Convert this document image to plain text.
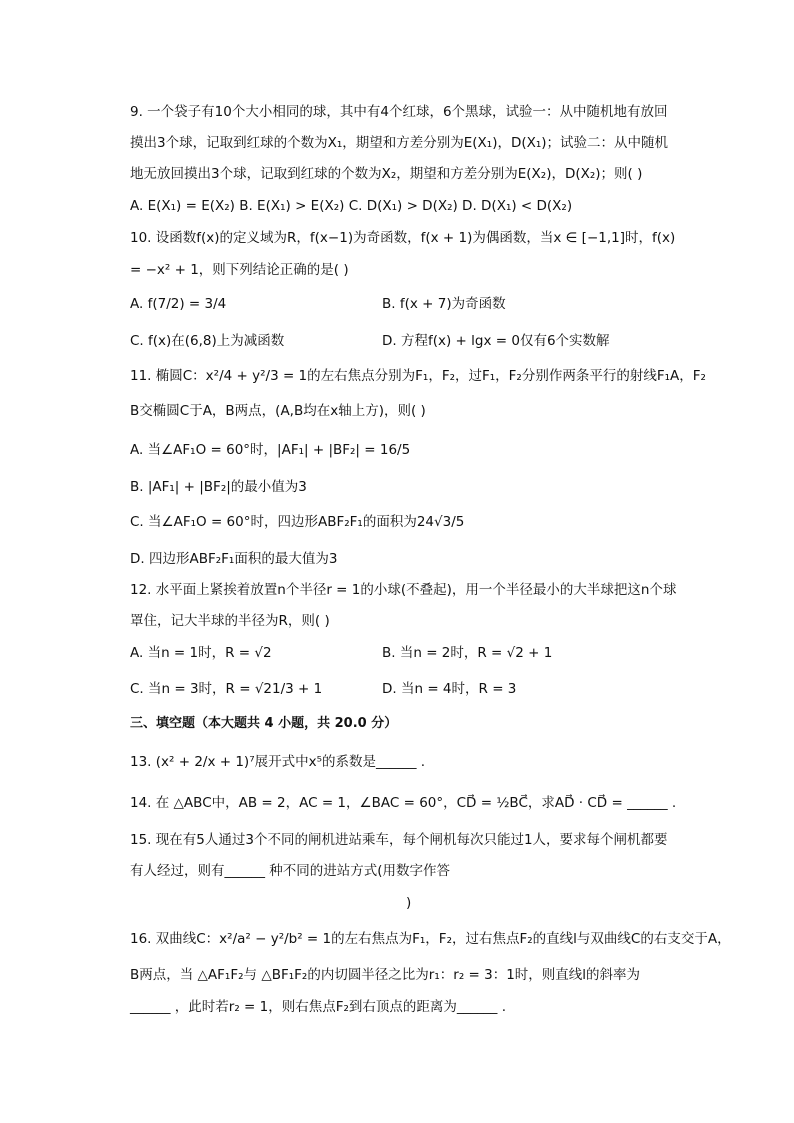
9. 一个袋子有10个大小相同的球，其中有4个红球，6个黑球，试验一：从中随机地有放回
摸出3个球，记取到红球的个数为X₁，期望和方差分别为E(X₁)，D(X₁)；试验二：从中随机
地无放回摸出3个球，记取到红球的个数为X₂，期望和方差分别为E(X₂)，D(X₂)；则( )
A. E(X₁) = E(X₂) B. E(X₁) > E(X₂) C. D(X₁) > D(X₂) D. D(X₁) < D(X₂)
10. 设函数f(x)的定义域为R，f(x−1)为奇函数，f(x + 1)为偶函数，当x ∈ [−1,1]时，f(x)
= −x² + 1，则下列结论正确的是( )
A. f(7/2) = 3/4	B. f(x + 7)为奇函数
C. f(x)在(6,8)上为减函数	D. 方程f(x) + lgx = 0仅有6个实数解
11. 椭圆C：x²/4 + y²/3 = 1的左右焦点分别为F₁，F₂，过F₁，F₂分别作两条平行的射线F₁A，F₂
B交椭圆C于A，B两点，(A,B均在x轴上方)，则( )
A. 当∠AF₁O = 60°时，|AF₁| + |BF₂| = 16/5
B. |AF₁| + |BF₂|的最小值为3
C. 当∠AF₁O = 60°时，四边形ABF₂F₁的面积为24√3/5
D. 四边形ABF₂F₁面积的最大值为3
12. 水平面上紧挨着放置n个半径r = 1的小球(不叠起)，用一个半径最小的大半球把这n个球
罩住，记大半球的半径为R，则( )
A. 当n = 1时，R = √2	B. 当n = 2时，R = √2 + 1
C. 当n = 3时，R = √21/3 + 1	D. 当n = 4时，R = 3
三、填空题（本大题共 4 小题，共 20.0 分）
13. (x² + 2/x + 1)⁷展开式中x⁵的系数是______ .
14. 在 △ABC中，AB = 2，AC = 1，∠BAC = 60°，CD⃗ = ½BC⃗，求AD⃗ · CD⃗ = ______ .
15. 现在有5人通过3个不同的闸机进站乘车，每个闸机每次只能过1人，要求每个闸机都要
有人经过，则有______ 种不同的进站方式(用数字作答
)
16. 双曲线C：x²/a² − y²/b² = 1的左右焦点为F₁，F₂，过右焦点F₂的直线l与双曲线C的右支交于A，
B两点，当 △AF₁F₂与 △BF₁F₂的内切圆半径之比为r₁：r₂ = 3：1时，则直线l的斜率为
______ ，此时若r₂ = 1，则右焦点F₂到右顶点的距离为______ .
